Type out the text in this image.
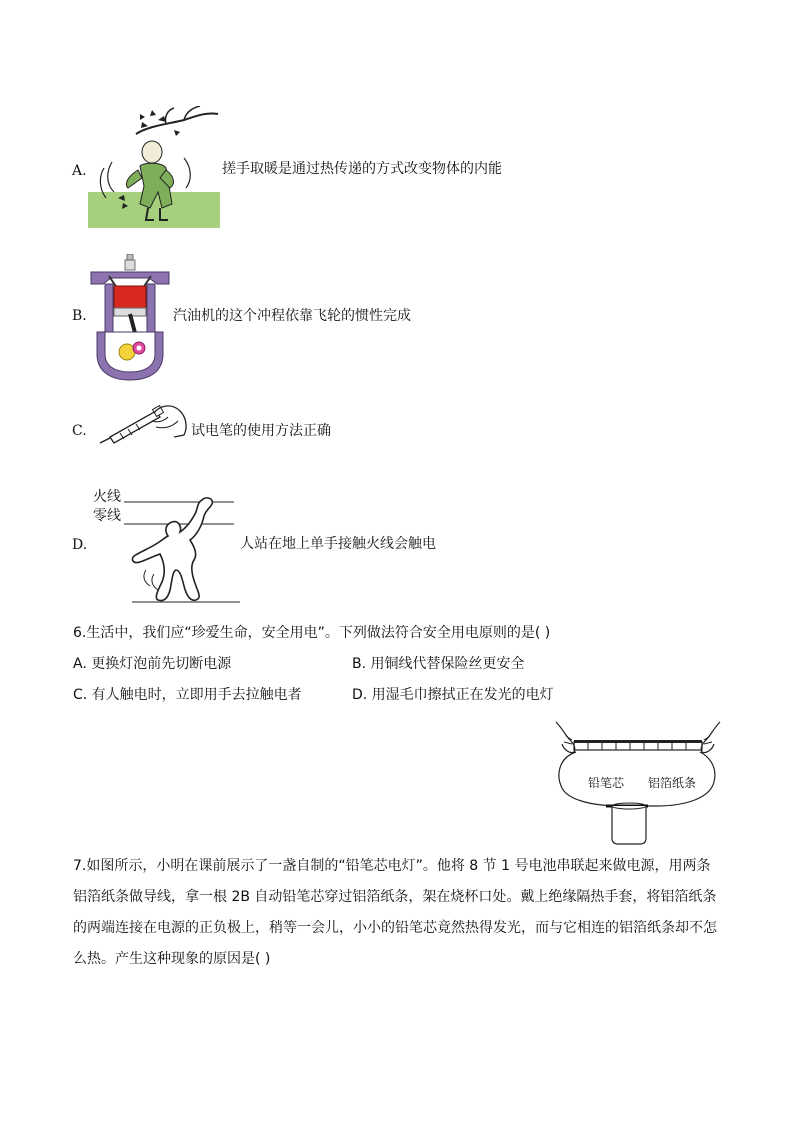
A.	搓手取暖是通过热传递的方式改变物体的内能
B.	汽油机的这个冲程依靠飞轮的惯性完成
C.	试电笔的使用方法正确
火线
零线
D.	人站在地上单手接触火线会触电
6.生活中，我们应“珍爱生命，安全用电”。下列做法符合安全用电原则的是( )
A. 更换灯泡前先切断电源	B. 用铜线代替保险丝更安全
C. 有人触电时，立即用手去拉触电者	D. 用湿毛巾擦拭正在发光的电灯
铅笔芯 铝箔纸条
7.如图所示，小明在课前展示了一盏自制的“铅笔芯电灯”。他将 8 节 1 号电池串联起来做电源，用两条
铝箔纸条做导线，拿一根 2B 自动铅笔芯穿过铝箔纸条，架在烧杯口处。戴上绝缘隔热手套，将铝箔纸条
的两端连接在电源的正负极上，稍等一会儿，小小的铅笔芯竟然热得发光，而与它相连的铝箔纸条却不怎
么热。产生这种现象的原因是( )
